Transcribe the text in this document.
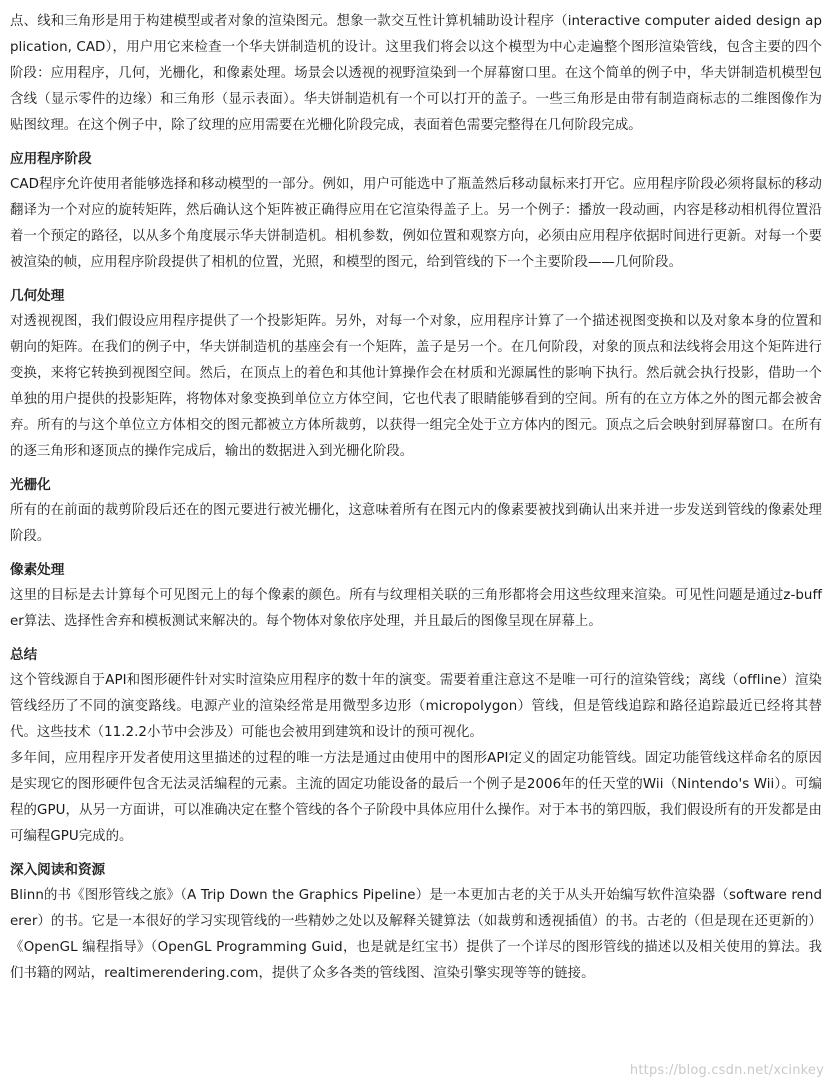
点、线和三角形是用于构建模型或者对象的渲染图元。想象一款交互性计算机辅助设计程序（interactive computer aided design application, CAD），用户用它来检查一个华夫饼制造机的设计。这里我们将会以这个模型为中心走遍整个图形渲染管线，包含主要的四个阶段：应用程序，几何，光栅化，和像素处理。场景会以透视的视野渲染到一个屏幕窗口里。在这个简单的例子中，华夫饼制造机模型包含线（显示零件的边缘）和三角形（显示表面）。华夫饼制造机有一个可以打开的盖子。一些三角形是由带有制造商标志的二维图像作为贴图纹理。在这个例子中，除了纹理的应用需要在光栅化阶段完成，表面着色需要完整得在几何阶段完成。

应用程序阶段

CAD程序允许使用者能够选择和移动模型的一部分。例如，用户可能选中了瓶盖然后移动鼠标来打开它。应用程序阶段必须将鼠标的移动翻译为一个对应的旋转矩阵，然后确认这个矩阵被正确得应用在它渲染得盖子上。另一个例子：播放一段动画，内容是移动相机得位置沿着一个预定的路径，以从多个角度展示华夫饼制造机。相机参数，例如位置和观察方向，必须由应用程序依据时间进行更新。对每一个要被渲染的帧，应用程序阶段提供了相机的位置，光照，和模型的图元，给到管线的下一个主要阶段——几何阶段。

几何处理

对透视视图，我们假设应用程序提供了一个投影矩阵。另外，对每一个对象，应用程序计算了一个描述视图变换和以及对象本身的位置和朝向的矩阵。在我们的例子中，华夫饼制造机的基座会有一个矩阵，盖子是另一个。在几何阶段，对象的顶点和法线将会用这个矩阵进行变换，来将它转换到视图空间。然后，在顶点上的着色和其他计算操作会在材质和光源属性的影响下执行。然后就会执行投影，借助一个单独的用户提供的投影矩阵，将物体对象变换到单位立方体空间，它也代表了眼睛能够看到的空间。所有的在立方体之外的图元都会被舍弃。所有的与这个单位立方体相交的图元都被立方体所裁剪，以获得一组完全处于立方体内的图元。顶点之后会映射到屏幕窗口。在所有的逐三角形和逐顶点的操作完成后，输出的数据进入到光栅化阶段。

光栅化

所有的在前面的裁剪阶段后还在的图元要进行被光栅化，这意味着所有在图元内的像素要被找到确认出来并进一步发送到管线的像素处理阶段。

像素处理

这里的目标是去计算每个可见图元上的每个像素的颜色。所有与纹理相关联的三角形都将会用这些纹理来渲染。可见性问题是通过z-buffer算法、选择性舍弃和模板测试来解决的。每个物体对象依序处理，并且最后的图像呈现在屏幕上。

总结

这个管线源自于API和图形硬件针对实时渲染应用程序的数十年的演变。需要着重注意这不是唯一可行的渲染管线；离线（offline）渲染管线经历了不同的演变路线。电源产业的渲染经常是用微型多边形（micropolygon）管线，但是管线追踪和路径追踪最近已经将其替代。这些技术（11.2.2小节中会涉及）可能也会被用到建筑和设计的预可视化。

多年间，应用程序开发者使用这里描述的过程的唯一方法是通过由使用中的图形API定义的固定功能管线。固定功能管线这样命名的原因是实现它的图形硬件包含无法灵活编程的元素。主流的固定功能设备的最后一个例子是2006年的任天堂的Wii（Nintendo's Wii）。可编程的GPU，从另一方面讲，可以准确决定在整个管线的各个子阶段中具体应用什么操作。对于本书的第四版，我们假设所有的开发都是由可编程GPU完成的。

深入阅读和资源

Blinn的书《图形管线之旅》（A Trip Down the Graphics Pipeline）是一本更加古老的关于从头开始编写软件渲染器（software renderer）的书。它是一本很好的学习实现管线的一些精妙之处以及解释关键算法（如裁剪和透视插值）的书。古老的（但是现在还更新的）《OpenGL 编程指导》（OpenGL Programming Guid，也是就是红宝书）提供了一个详尽的图形管线的描述以及相关使用的算法。我们书籍的网站，realtimerendering.com，提供了众多各类的管线图、渲染引擎实现等等的链接。

https://blog.csdn.net/xcinkey
